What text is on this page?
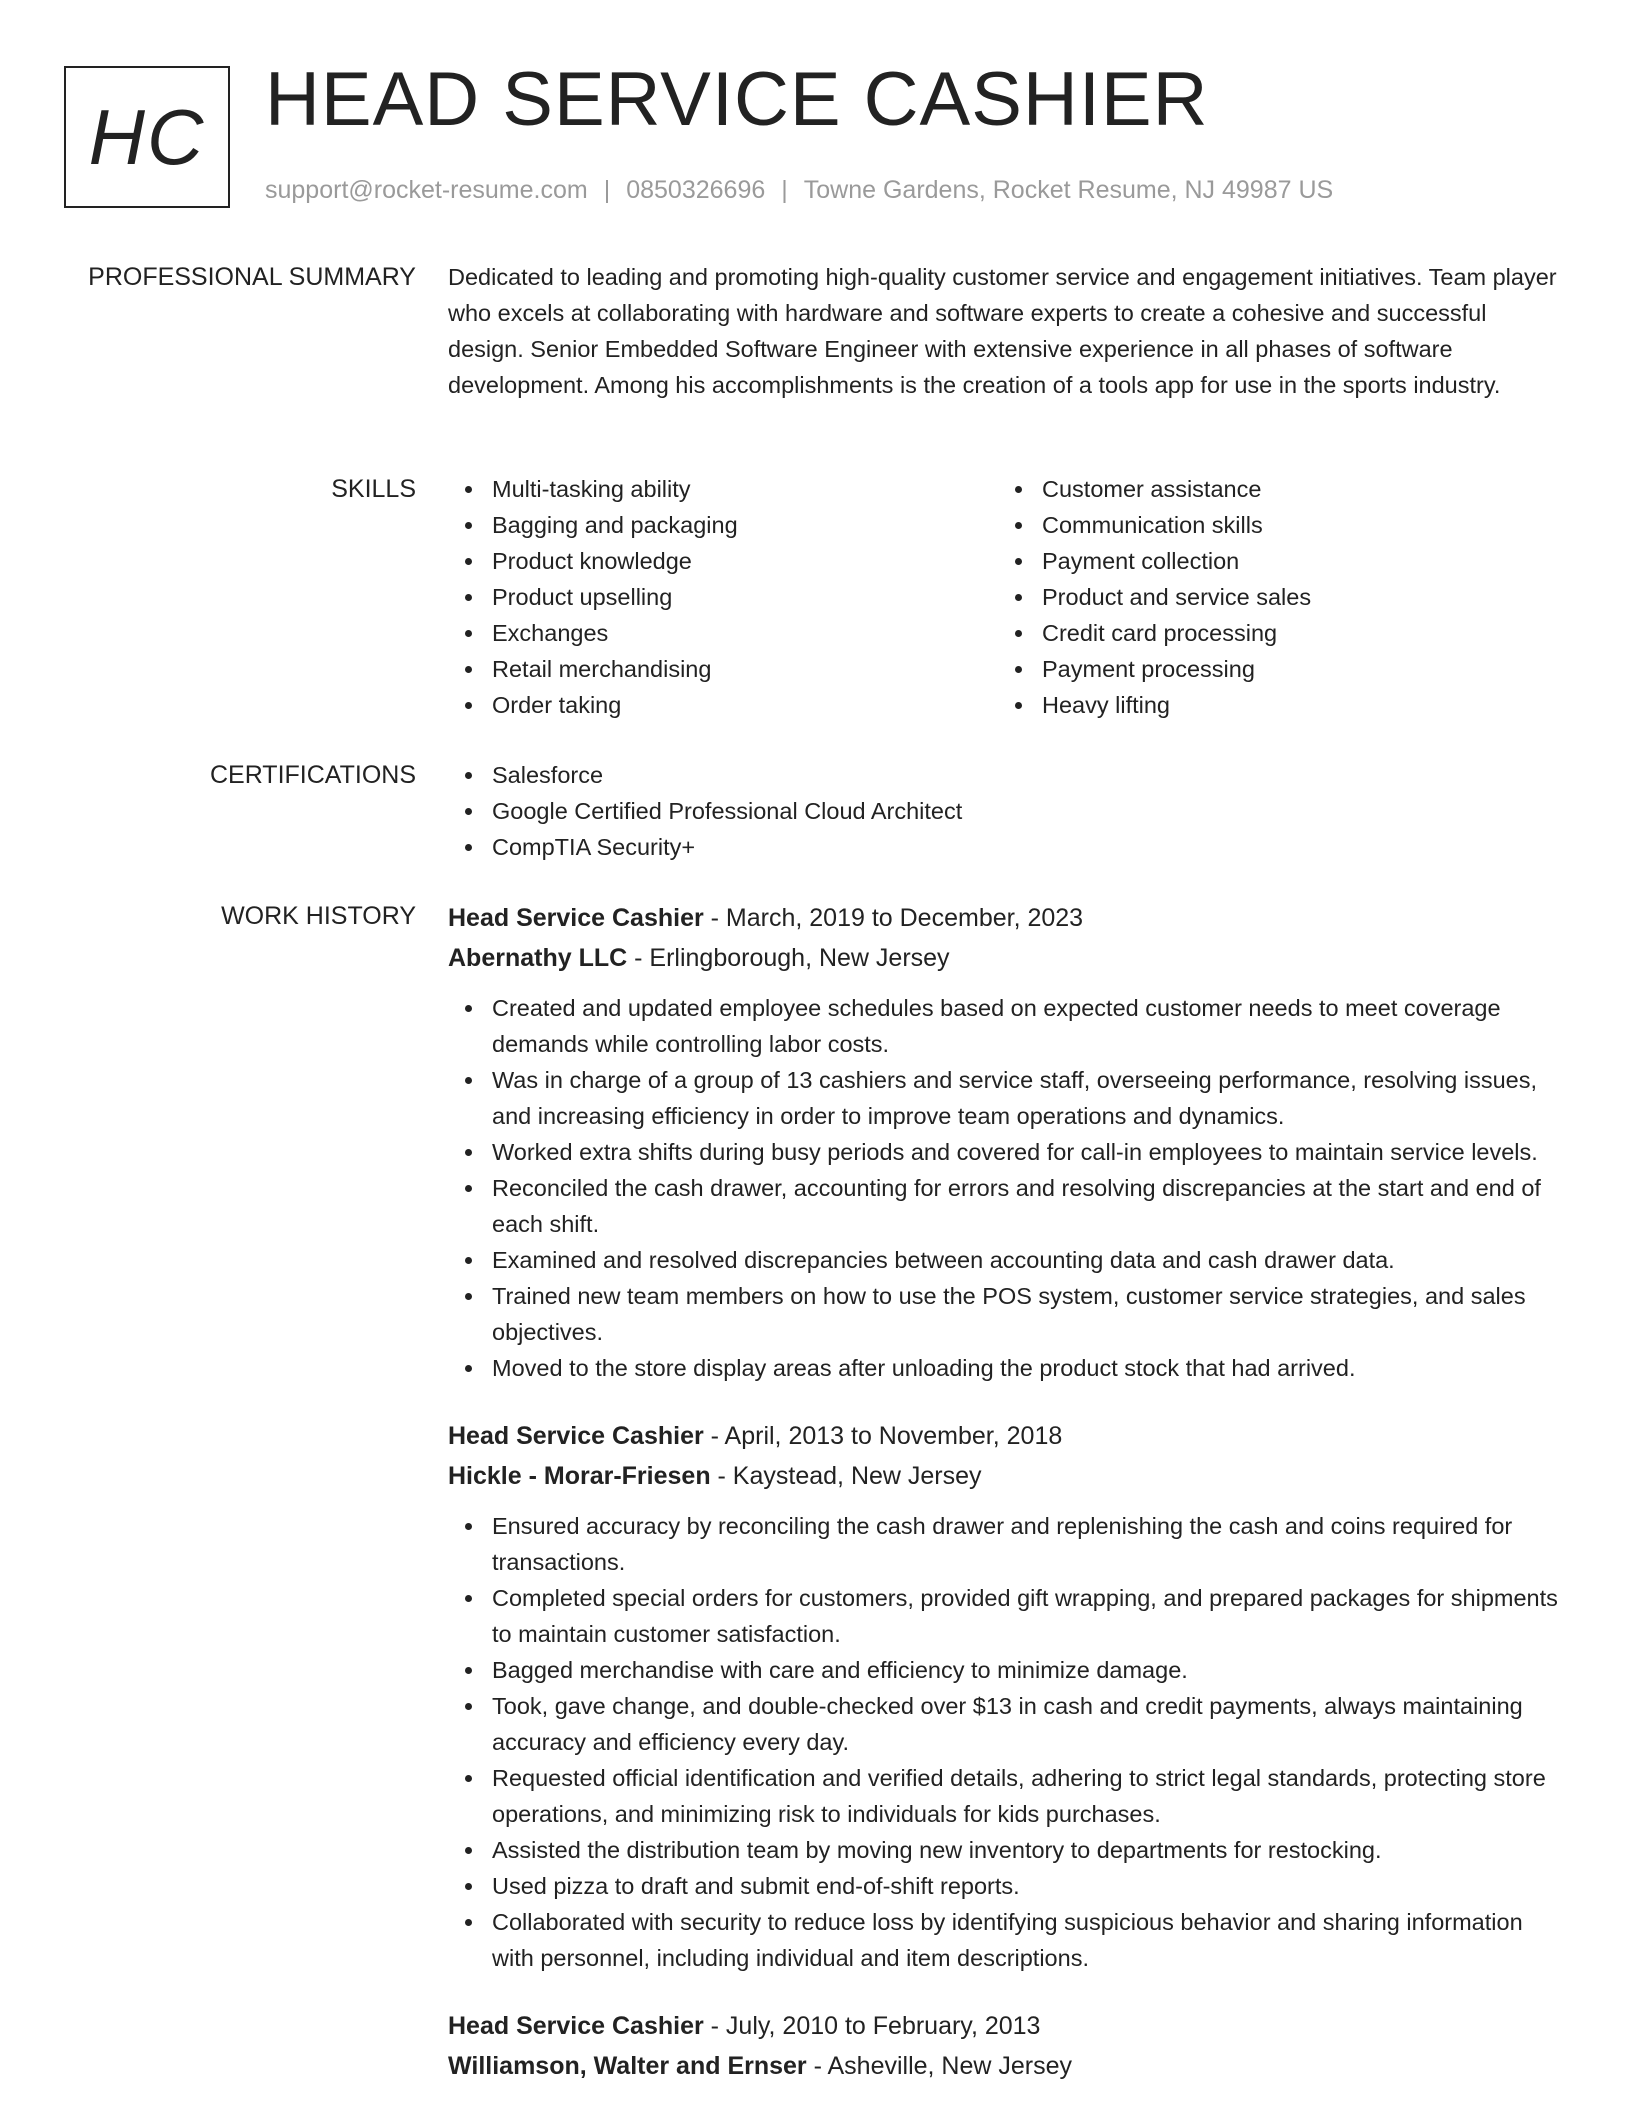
HC HEAD SERVICE CASHIER
support@rocket-resume.com | 0850326696 | Towne Gardens, Rocket Resume, NJ 49987 US
PROFESSIONAL SUMMARY Dedicated to leading and promoting high-quality customer service and engagement initiatives. Team player who excels at collaborating with hardware and software experts to create a cohesive and successful design. Senior Embedded Software Engineer with extensive experience in all phases of software development. Among his accomplishments is the creation of a tools app for use in the sports industry.
SKILLS	Multi-tasking ability
Bagging and packaging
Product knowledge
Product upselling
Exchanges
Retail merchandising
Order taking
Customer assistance
Communication skills
Payment collection
Product and service sales
Credit card processing
Payment processing
Heavy lifting
CERTIFICATIONS	Salesforce
Google Certified Professional Cloud Architect
CompTIA Security+
WORK HISTORY Head Service Cashier - March, 2019 to December, 2023
Abernathy LLC - Erlingborough, New Jersey
Created and updated employee schedules based on expected customer needs to meet coverage demands while controlling labor costs.
Was in charge of a group of 13 cashiers and service staff, overseeing performance, resolving issues, and increasing efficiency in order to improve team operations and dynamics.
Worked extra shifts during busy periods and covered for call-in employees to maintain service levels.
Reconciled the cash drawer, accounting for errors and resolving discrepancies at the start and end of each shift.
Examined and resolved discrepancies between accounting data and cash drawer data.
Trained new team members on how to use the POS system, customer service strategies, and sales objectives.
Moved to the store display areas after unloading the product stock that had arrived.
Head Service Cashier - April, 2013 to November, 2018
Hickle - Morar-Friesen - Kaystead, New Jersey
Ensured accuracy by reconciling the cash drawer and replenishing the cash and coins required for transactions.
Completed special orders for customers, provided gift wrapping, and prepared packages for shipments to maintain customer satisfaction.
Bagged merchandise with care and efficiency to minimize damage.
Took, gave change, and double-checked over $13 in cash and credit payments, always maintaining accuracy and efficiency every day.
Requested official identification and verified details, adhering to strict legal standards, protecting store operations, and minimizing risk to individuals for kids purchases.
Assisted the distribution team by moving new inventory to departments for restocking.
Used pizza to draft and submit end-of-shift reports.
Collaborated with security to reduce loss by identifying suspicious behavior and sharing information with personnel, including individual and item descriptions.
Head Service Cashier - July, 2010 to February, 2013
Williamson, Walter and Ernser - Asheville, New Jersey
